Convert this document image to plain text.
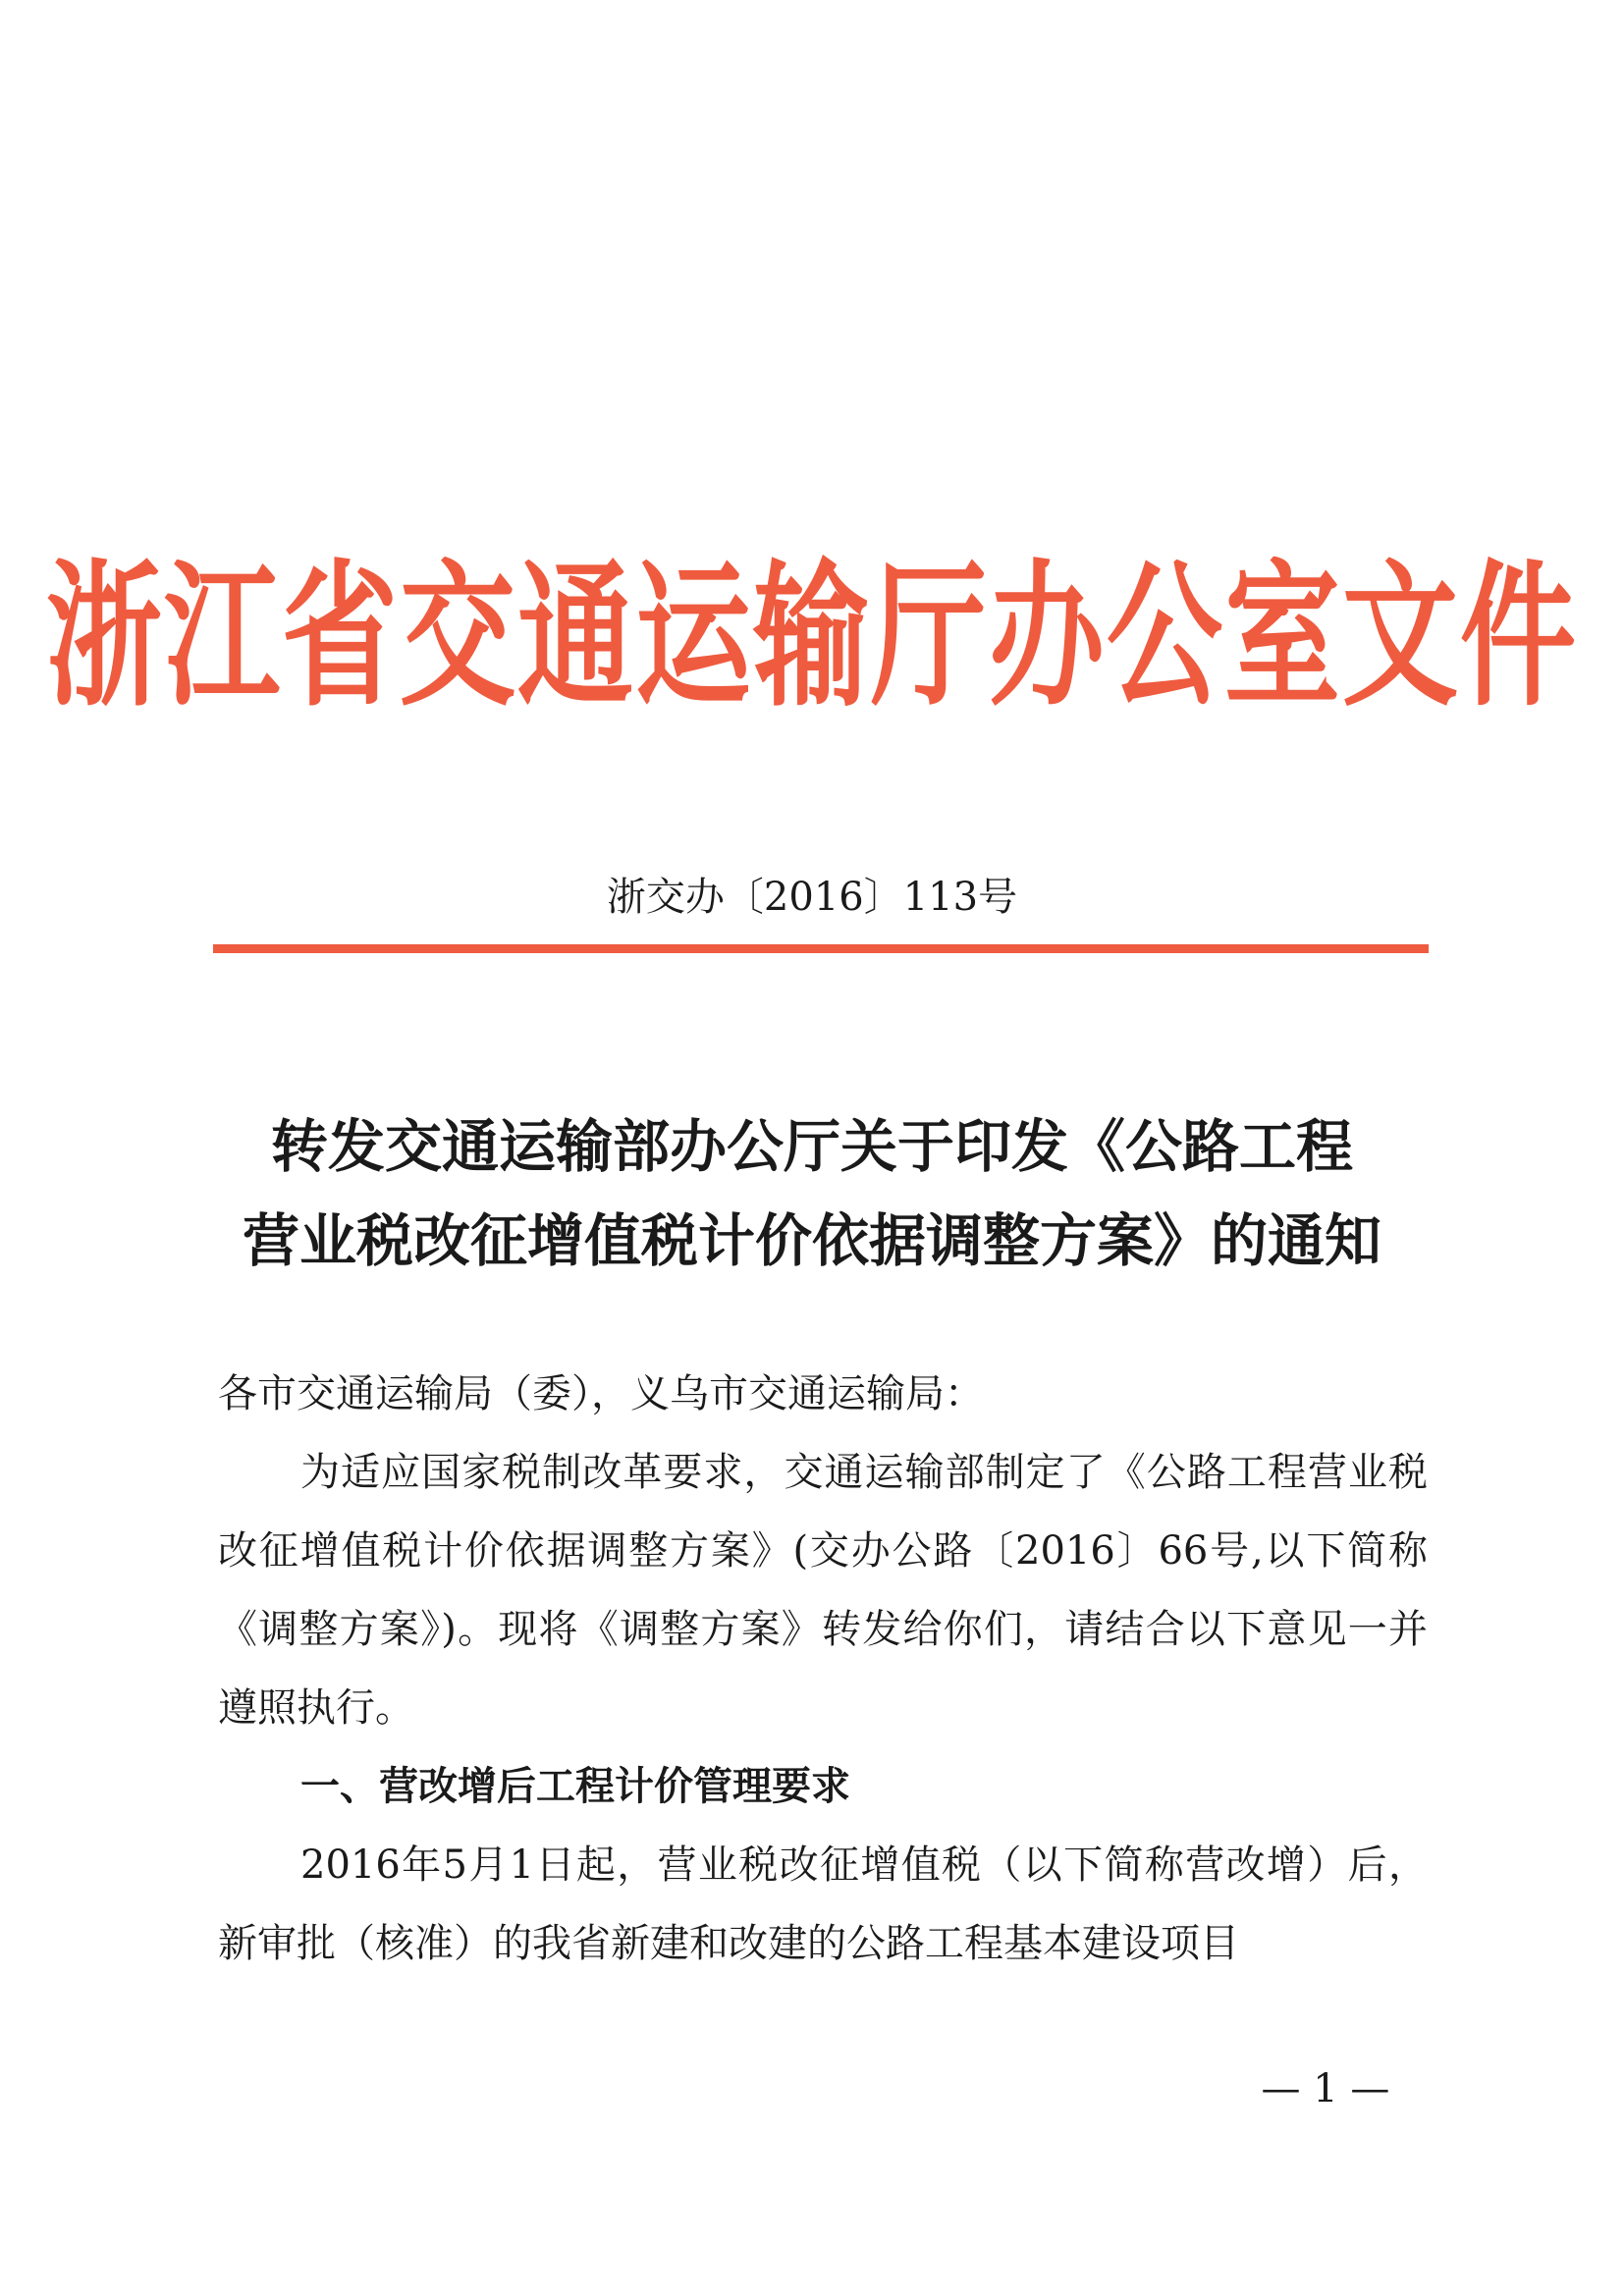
浙江省交通运输厅办公室文件
浙交办〔2016〕113号
转发交通运输部办公厅关于印发《公路工程
营业税改征增值税计价依据调整方案》的通知

各市交通运输局（委），义乌市交通运输局：

为适应国家税制改革要求，交通运输部制定了《公路工程营业税改征增值税计价依据调整方案》(交办公路〔2016〕66号,以下简称《调整方案》)。现将《调整方案》转发给你们，请结合以下意见一并遵照执行。

一、营改增后工程计价管理要求

2016年5月1日起，营业税改征增值税（以下简称营改增）后，新审批（核准）的我省新建和改建的公路工程基本建设项目

— 1 —
